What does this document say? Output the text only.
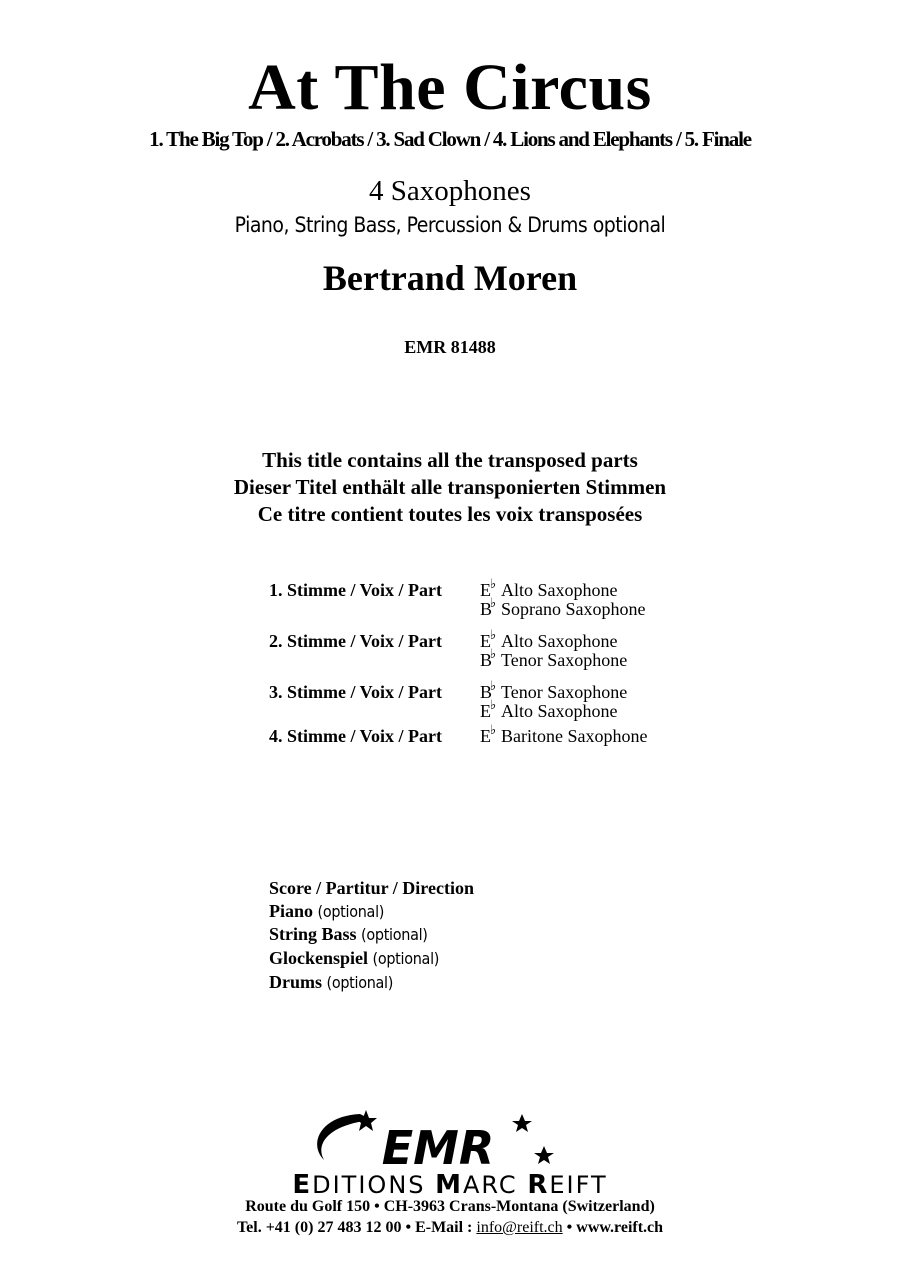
At The Circus
1. The Big Top / 2. Acrobats / 3. Sad Clown / 4. Lions and Elephants / 5. Finale
4 Saxophones
Piano, String Bass, Percussion & Drums optional
Bertrand Moren
EMR 81488
This title contains all the transposed parts
Dieser Titel enthält alle transponierten Stimmen
Ce titre contient toutes les voix transposées
1. Stimme / Voix / Part E ♭ Alto Saxophone
B
♭ Soprano Saxophone
2. Stimme / Voix / Part E ♭ Alto Saxophone
B
♭ Tenor Saxophone
3. Stimme / Voix / Part B
♭ Tenor Saxophone
E ♭ Alto Saxophone
4. Stimme / Voix / Part E ♭ Baritone Saxophone
Score / Partitur / Direction
Piano (optional)
String Bass (optional)
Glockenspiel (optional)
Drums (optional)
EMR
EDITIONS MARC REIFT
Route du Golf 150 • CH-3963 Crans-Montana (Switzerland)
Tel. +41 (0) 27 483 12 00 • E-Mail : info@reift.ch • www.reift.ch
